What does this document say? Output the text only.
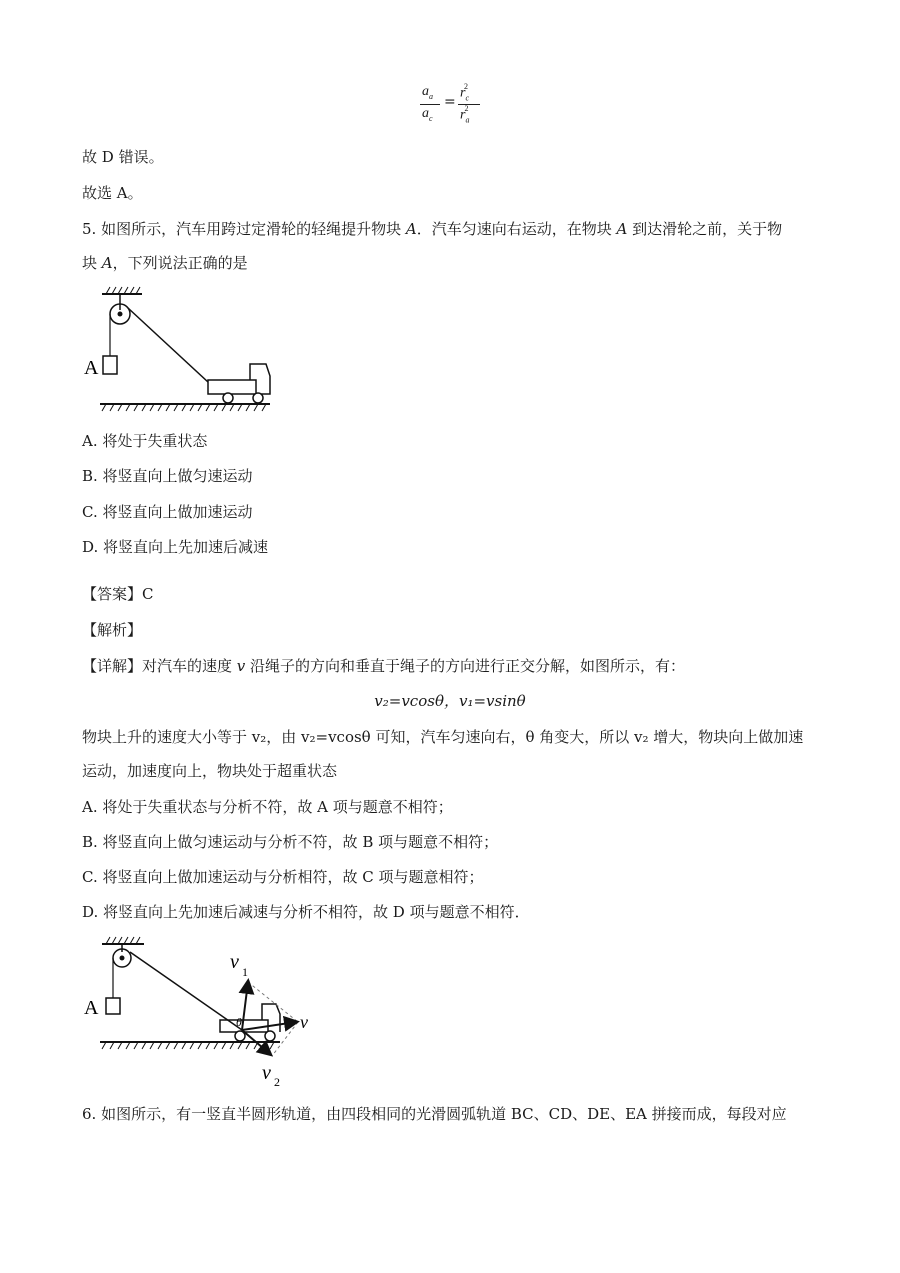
$a_a$
$a_c$
=
$r_c^2$
$r_a^2$
故 D 错误。
故选 A。
5. 如图所示，汽车用跨过定滑轮的轻绳提升物块 A．汽车匀速向右运动，在物块 A 到达滑轮之前，关于物
块 A，下列说法正确的是
A
A. 将处于失重状态
B. 将竖直向上做匀速运动
C. 将竖直向上做加速运动
D. 将竖直向上先加速后减速
【答案】C
【解析】
【详解】对汽车的速度 v 沿绳子的方向和垂直于绳子的方向进行正交分解，如图所示，有：
v₂=vcosθ，v₁=vsinθ
物块上升的速度大小等于 v₂，由 v₂=vcosθ 可知，汽车匀速向右，θ 角变大，所以 v₂ 增大，物块向上做加速
运动，加速度向上，物块处于超重状态
A. 将处于失重状态与分析不符，故 A 项与题意不相符；
B. 将竖直向上做匀速运动与分析不符，故 B 项与题意不相符；
C. 将竖直向上做加速运动与分析相符，故 C 项与题意相符；
D. 将竖直向上先加速后减速与分析不相符，故 D 项与题意不相符．
A
v 1
v
θ
v 2
6. 如图所示，有一竖直半圆形轨道，由四段相同的光滑圆弧轨道 BC、CD、DE、EA 拼接而成，每段对应
